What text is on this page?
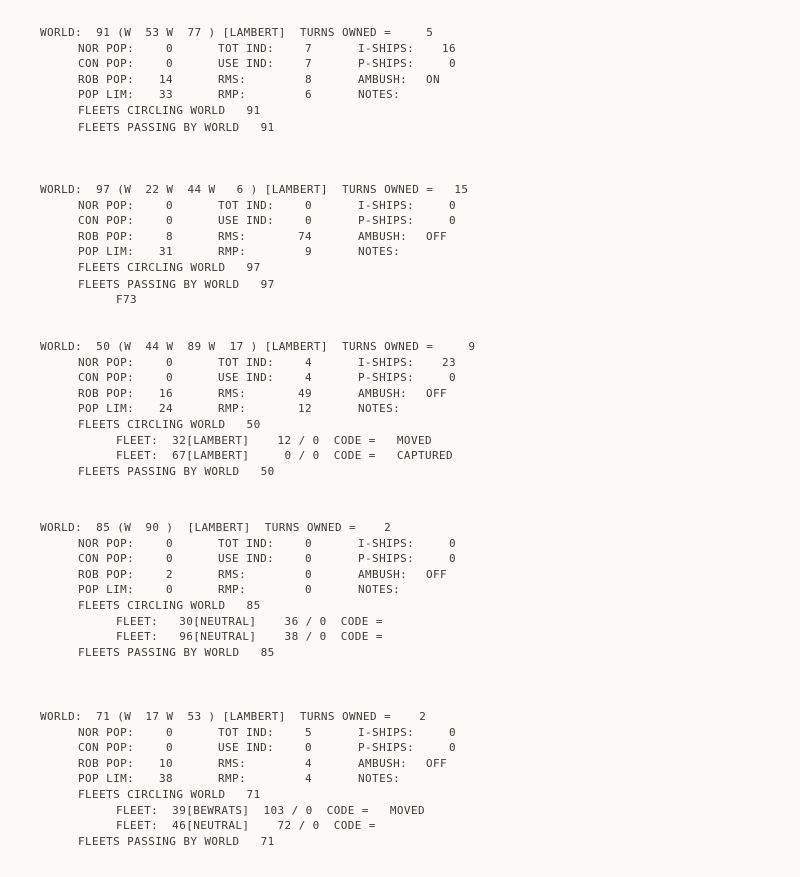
WORLD:  91 (W  53 W  77 ) [LAMBERT]  TURNS OWNED =     5
NOR POP:	0	TOT IND:	7	I-SHIPS:	16
CON POP:	0	USE IND:	7	P-SHIPS:	0
ROB POP: 14	RMS:	8	AMBUSH: ON
POP LIM: 33	RMP:	6	NOTES:
FLEETS CIRCLING WORLD   91
FLEETS PASSING BY WORLD   91
WORLD:  97 (W  22 W  44 W   6 ) [LAMBERT]  TURNS OWNED =   15
NOR POP:	0	TOT IND:	0	I-SHIPS:	0
CON POP:	0	USE IND:	0	P-SHIPS:	0
ROB POP:	8	RMS:	74	AMBUSH: OFF
POP LIM: 31	RMP:	9	NOTES:
FLEETS CIRCLING WORLD   97
FLEETS PASSING BY WORLD   97
F73
WORLD:  50 (W  44 W  89 W  17 ) [LAMBERT]  TURNS OWNED =     9
NOR POP:	0	TOT IND:	4	I-SHIPS:	23
CON POP:	0	USE IND:	4	P-SHIPS:	0
ROB POP: 16	RMS:	49	AMBUSH: OFF
POP LIM: 24	RMP:	12	NOTES:
FLEETS CIRCLING WORLD   50
FLEET:  32[LAMBERT]    12 / 0  CODE =   MOVED
FLEET:  67[LAMBERT]     0 / 0  CODE =   CAPTURED
FLEETS PASSING BY WORLD   50
WORLD:  85 (W  90 )  [LAMBERT]  TURNS OWNED =    2
NOR POP:	0	TOT IND:	0	I-SHIPS:	0
CON POP:	0	USE IND:	0	P-SHIPS:	0
ROB POP:	2	RMS:	0	AMBUSH: OFF
POP LIM:	0	RMP:	0	NOTES:
FLEETS CIRCLING WORLD   85
FLEET:   30[NEUTRAL]    36 / 0  CODE =
FLEET:   96[NEUTRAL]    38 / 0  CODE =
FLEETS PASSING BY WORLD   85
WORLD:  71 (W  17 W  53 ) [LAMBERT]  TURNS OWNED =    2
NOR POP:	0	TOT IND:	5	I-SHIPS:	0
CON POP:	0	USE IND:	0	P-SHIPS:	0
ROB POP: 10	RMS:	4	AMBUSH: OFF
POP LIM: 38	RMP:	4	NOTES:
FLEETS CIRCLING WORLD   71
FLEET:  39[BEWRATS]  103 / 0  CODE =   MOVED
FLEET:  46[NEUTRAL]    72 / 0  CODE =
FLEETS PASSING BY WORLD   71
